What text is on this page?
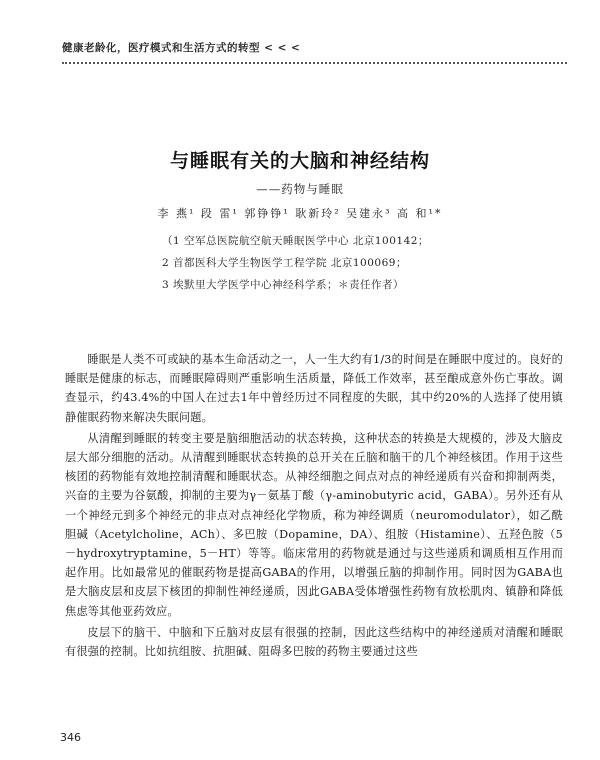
健康老龄化，医疗模式和生活方式的转型 < < <
与睡眠有关的大脑和神经结构
——药物与睡眠
李 燕¹ 段 雷¹ 郭铮铮¹ 耿新玲² 吴建永³ 高 和¹*
（1 空军总医院航空航天睡眠医学中心 北京100142；
2 首都医科大学生物医学工程学院 北京100069；
3 埃默里大学医学中心神经科学系；＊责任作者）

睡眠是人类不可或缺的基本生命活动之一，人一生大约有1/3的时间是在睡眠中度过的。良好的睡眠是健康的标志，而睡眠障碍则严重影响生活质量，降低工作效率，甚至酿成意外伤亡事故。调查显示，约43.4%的中国人在过去1年中曾经历过不同程度的失眠，其中约20%的人选择了使用镇静催眠药物来解决失眠问题。

从清醒到睡眠的转变主要是脑细胞活动的状态转换，这种状态的转换是大规模的，涉及大脑皮层大部分细胞的活动。从清醒到睡眠状态转换的总开关在丘脑和脑干的几个神经核团。作用于这些核团的药物能有效地控制清醒和睡眠状态。从神经细胞之间点对点的神经递质有兴奋和抑制两类，兴奋的主要为谷氨酸，抑制的主要为γ－氨基丁酸（γ-aminobutyric acid，GABA）。另外还有从一个神经元到多个神经元的非点对点神经化学物质，称为神经调质（neuromodulator），如乙酰胆碱（Acetylcholine，ACh）、多巴胺（Dopamine，DA）、组胺（Histamine）、五羟色胺（5－hydroxytryptamine，5－HT）等等。临床常用的药物就是通过与这些递质和调质相互作用而起作用。比如最常见的催眠药物是提高GABA的作用，以增强丘脑的抑制作用。同时因为GABA也是大脑皮层和皮层下核团的抑制性神经递质，因此GABA受体增强性药物有放松肌肉、镇静和降低焦虑等其他亚药效应。

皮层下的脑干、中脑和下丘脑对皮层有很强的控制，因此这些结构中的神经递质对清醒和睡眠有很强的控制。比如抗组胺、抗胆碱、阻碍多巴胺的药物主要通过这些

346
